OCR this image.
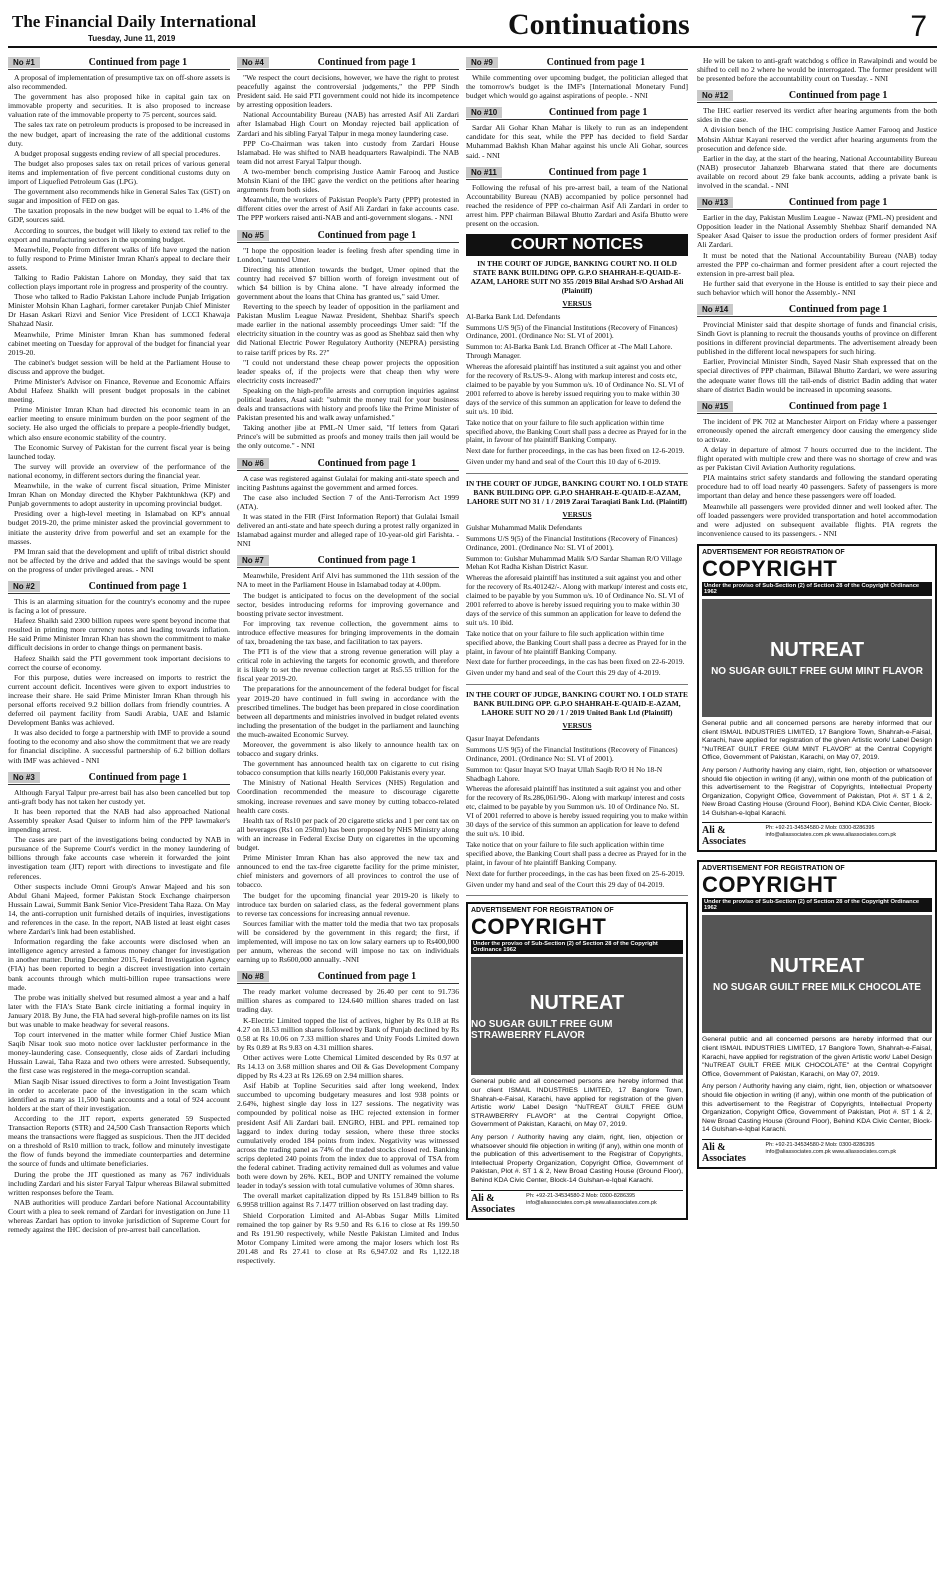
The Financial Daily International
Tuesday, June 11, 2019	Continuations	7
No #1	Continued from page 1

A proposal of implementation of presumptive tax on off-shore assets is also recommended.

The government has also proposed hike in capital gain tax on immovable property and securities. It is also proposed to increase valuation rate of the immovable property to 75 percent, sources said.

The sales tax rate on petroleum products is proposed to be increased in the new budget, apart of increasing the rate of the additional customs duty.

A budget proposal suggests ending review of all special procedures.

The budget also proposes sales tax on retail prices of various general items and implementation of five percent conditional customs duty on import of Liquefied Petroleum Gas (LPG).

The government also recommends hike in General Sales Tax (GST) on sugar and imposition of FED on gas.

The taxation proposals in the new budget will be equal to 1.4% of the GDP, sources said.

According to sources, the budget will likely to extend tax relief to the export and manufacturing sectors in the upcoming budget.

Meanwhile, People from different walks of life have urged the nation to fully respond to Prime Minister Imran Khan's appeal to declare their assets.

Talking to Radio Pakistan Lahore on Monday, they said that tax collection plays important role in progress and prosperity of the country.

Those who talked to Radio Pakistan Lahore include Punjab Irrigation Minister Mohsin Khan Laghari, former caretaker Punjab Chief Minister Dr Hasan Askari Rizvi and Senior Vice President of LCCI Khawaja Shahzad Nasir.

Meanwhile, Prime Minister Imran Khan has summoned federal cabinet meeting on Tuesday for approval of the budget for financial year 2019-20.

The cabinet's budget session will be held at the Parliament House to discuss and approve the budget.

Prime Minister's Advisor on Finance, Revenue and Economic Affairs Abdul Hafeez Shaikh will present budget proposals in the cabinet meeting.

Prime Minister Imran Khan had directed his economic team in an earlier meeting to ensure minimum burden on the poor segment of the society. He also urged the officials to prepare a people-friendly budget, which also ensure economic stability of the country.

The Economic Survey of Pakistan for the current fiscal year is being launched today.

The survey will provide an overview of the performance of the national economy, in different sectors during the financial year.

Meanwhile, in the wake of current fiscal situation, Prime Minister Imran Khan on Monday directed the Khyber Pakhtunkhwa (KP) and Punjab governments to adopt austerity in upcoming provincial budget.

Presiding over a high-level meeting in Islamabad on KP's annual budget 2019-20, the prime minister asked the provincial government to initiate the austerity drive from powerful and set an example for the masses.

PM Imran said that the development and uplift of tribal district should not be affected by the drive and added that the savings would be spent on the progress of under privileged areas. - NNI

No #2	Continued from page 1

This is an alarming situation for the country's economy and the rupee is facing a lot of pressure.

Hafeez Shaikh said 2300 billion rupees were spent beyond income that resulted in printing more currency notes and leading towards inflation. He said Prime Minister Imran Khan has shown the commitment to make difficult decisions in order to change things on permanent basis.

Hafeez Shaikh said the PTI government took important decisions to correct the course of economy.

For this purpose, duties were increased on imports to restrict the current account deficit. Incentives were given to export industries to increase their share. He said Prime Minister Imran Khan through his personal efforts received 9.2 billion dollars from friendly countries. A deferred oil payment facility from Saudi Arabia, UAE and Islamic Development Banks was achieved.

It was also decided to forge a partnership with IMF to provide a sound footing to the economy and also show the commitment that we are ready for financial discipline. A successful partnership of 6.2 billion dollars with IMF was achieved - NNI

No #3	Continued from page 1

Although Faryal Talpur pre-arrest bail has also been cancelled but top anti-graft body has not taken her custody yet.

It has been reported that the NAB had also approached National Assembly speaker Asad Quiser to inform him of the PPP lawmaker's impending arrest.

The cases are part of the investigations being conducted by NAB in pursuance of the Supreme Court's verdict in the money laundering of billions through fake accounts case wherein it forwarded the joint investigation team (JIT) report with directions to investigate and file references.

Other suspects include Omni Group's Anwar Majeed and his son Abdul Ghani Majeed, former Pakistan Stock Exchange chairperson Hussain Lawai, Summit Bank Senior Vice-President Taha Raza. On May 14, the anti-corruption unit furnished details of inquiries, investigations and references in the case. In the report, NAB listed at least eight cases where Zardari's link had been established.

Information regarding the fake accounts were disclosed when an intelligence agency arrested a famous money changer for investigation in another matter. During December 2015, Federal Investigation Agency (FIA) has been reported to begin a discreet investigation into certain bank accounts through which multi-billion rupee transactions were made.

The probe was initially shelved but resumed almost a year and a half later with the FIA's State Bank circle initiating a formal inquiry in January 2018. By June, the FIA had several high-profile names on its list but was unable to make headway for several reasons.

Top court intervened in the matter while former Chief Justice Mian Saqib Nisar took suo moto notice over lackluster performance in the money-laundering case. Consequently, close aids of Zardari including Hussain Lawai, Taha Raza and two others were arrested. Subsequently, the first case was registered in the mega-corruption scandal.

Mian Saqib Nisar issued directives to form a Joint Investigation Team in order to accelerate pace of the investigation in the scam which identified as many as 11,500 bank accounts and a total of 924 account holders at the start of their investigation.

According to the JIT report, experts generated 59 Suspected Transaction Reports (STR) and 24,500 Cash Transaction Reports which means the transactions were flagged as suspicious. Then the JIT decided on a threshold of Rs10 million to track, follow and minutely investigate the flow of funds beyond the immediate counterparties and determine the source of funds and ultimate beneficiaries.

During the probe the JIT questioned as many as 767 individuals including Zardari and his sister Faryal Talpur whereas Bilawal submitted written responses before the Team.

NAB authorities will produce Zardari before National Accountability Court with a plea to seek remand of Zardari for investigation on June 11 whereas Zardari has option to invoke jurisdiction of Supreme Court for remedy against the IHC decision of pre-arrest bail cancellation.

No #4	Continued from page 1

"We respect the court decisions, however, we have the right to protest peacefully against the controversial judgements," the PPP Sindh President said. He said PTI government could not hide its incompetence by arresting opposition leaders.

National Accountability Bureau (NAB) has arrested Asif Ali Zardari after Islamabad High Court on Monday rejected bail application of Zardari and his sibling Faryal Talpur in mega money laundering case.

PPP Co-Chairman was taken into custody from Zardari House Islamabad. He was shifted to NAB headquarters Rawalpindi. The NAB team did not arrest Faryal Talpur though.

A two-member bench comprising Justice Aamir Farooq and Justice Mohsin Kiani of the IHC gave the verdict on the petitions after hearing arguments from both sides.

Meanwhile, the workers of Pakistan People's Party (PPP) protested in different cities over the arrest of Asif Ali Zardari in fake accounts case. The PPP workers raised anti-NAB and anti-government slogans. - NNI

No #5	Continued from page 1

"I hope the opposition leader is feeling fresh after spending time in London," taunted Umer.

Directing his attention towards the budget, Umer opined that the country had received $7 billion worth of foreign investment out of which $4 billion is by China alone. "I have already informed the government about the loans that China has granted us," said Umer.

Reverting to the speech by leader of opposition in the parliament and Pakistan Muslim League Nawaz President, Shehbaz Sharif's speech made earlier in the national assembly proceedings Umer said: "If the electricity situation in the country was as good as Shehbaz said then why did National Electric Power Regulatory Authority (NEPRA) persisting to raise tariff prices by Rs. 2?"

"I could not understand these cheap power projects the opposition leader speaks of, if the projects were that cheap then why were electricity costs increased?"

Speaking on the high-profile arrests and corruption inquiries against political leaders, Asad said: "submit the money trail for your business deals and transactions with history and proofs like the Prime Minister of Pakistan presented his and walk away unfarnished."

Taking another jibe at PML-N Umer said, "If letters from Qatari Prince's will be submitted as proofs and money trails then jail would be the only outcome." - NNI

No #6	Continued from page 1

A case was registered against Gulalai for making anti-state speech and inciting Pashtuns against the government and armed forces.

The case also included Section 7 of the Anti-Terrorism Act 1999 (ATA).

It was stated in the FIR (First Information Report) that Gulalai Ismail delivered an anti-state and hate speech during a protest rally organized in Islamabad against murder and alleged rape of 10-year-old girl Farishta. - NNI

No #7	Continued from page 1

Meanwhile, President Arif Alvi has summoned the 11th session of the NA to meet in the Parliament House in Islamabad today at 4.00pm.

The budget is anticipated to focus on the development of the social sector, besides introducing reforms for improving governance and boosting private sector investment.

For improving tax revenue collection, the government aims to introduce effective measures for bringing improvements in the domain of tax, broadening the tax base, and facilitation to tax payers.

The PTI is of the view that a strong revenue generation will play a critical role in achieving the targets for economic growth, and therefore it is likely to set the revenue collection target at Rs5.55 trillion for the fiscal year 2019-20.

The preparations for the announcement of the federal budget for fiscal year 2019-20 have continued in full swing in accordance with the prescribed timelines. The budget has been prepared in close coordination between all departments and ministries involved in budget related events including the presentation of the budget in the parliament and launching the much-awaited Economic Survey.

Moreover, the government is also likely to announce health tax on tobacco and sugary drinks.

The government has announced health tax on cigarette to cut rising tobacco consumption that kills nearly 160,000 Pakistanis every year.

The Ministry of National Health Services (NHS) Regulation and Coordination recommended the measure to discourage cigarette smoking, increase revenues and save money by cutting tobacco-related health care costs.

Health tax of Rs10 per pack of 20 cigarette sticks and 1 per cent tax on all beverages (Rs1 on 250ml) has been proposed by NHS Ministry along with an increase in Federal Excise Duty on cigarettes in the upcoming budget.

Prime Minister Imran Khan has also approved the new tax and announced to end the tax-free cigarette facility for the prime minister, chief ministers and governors of all provinces to control the use of tobacco.

The budget for the upcoming financial year 2019-20 is likely to introduce tax burden on salaried class, as the federal government plans to reverse tax concessions for increasing annual revenue.

Sources familiar with the matter told the media that two tax proposals will be considered by the government in this regard; the first, if implemented, will impose no tax on low salary earners up to Rs400,000 per annum, whereas the second will impose no tax on individuals earning up to Rs600,000 annually. -NNI

No #8	Continued from page 1

The ready market volume decreased by 26.40 per cent to 91.736 million shares as compared to 124.640 million shares traded on last trading day.

K-Electric Limited topped the list of actives, higher by Rs 0.18 at Rs 4.27 on 18.53 million shares followed by Bank of Punjab declined by Rs 0.58 at Rs 10.06 on 7.33 million shares and Unity Foods Limited down by Rs 0.89 at Rs 9.83 on 4.31 million shares.

Other actives were Lotte Chemical Limited descended by Rs 0.97 at Rs 14.13 on 3.68 million shares and Oil & Gas Development Company dipped by Rs 4.23 at Rs 126.69 on 2.94 million shares.

Asif Habib at Topline Securities said after long weekend, Index succumbed to upcoming budgetary measures and lost 938 points or 2.64%, highest single day loss in 127 sessions. The negativity was compounded by political noise as IHC rejected extension in former president Asif Ali Zardari bail. ENGRO, HBL and PPL remained top laggard to index during today session, where these three stocks cumulatively eroded 184 points from index. Negativity was witnessed across the trading panel as 74% of the traded stocks closed red. Banking scrips depleted 240 points from the index due to approval of TSA from the federal cabinet. Trading activity remained dull as volumes and value both were down by 26%. KEL, BOP and UNITY remained the volume leader in today's session with total cumulative volumes of 30mn shares.

The overall market capitalization dipped by Rs 151.849 billion to Rs 6.9958 trillion against Rs 7.1477 trillion observed on last trading day.

Shield Corporation Limited and Al-Abbas Sugar Mills Limited remained the top gainer by Rs 9.50 and Rs 6.16 to close at Rs 199.50 and Rs 191.90 respectively, while Nestle Pakistan Limited and Indus Motor Company Limited were among the major losers which lost Rs 201.48 and Rs 27.41 to close at Rs 6,947.02 and Rs 1,122.18 respectively.

No #9	Continued from page 1

While commenting over upcoming budget, the politician alleged that the tomorrow's budget is the IMF's [International Monetary Fund] budget which would go against aspirations of people. - NNI

No #10	Continued from page 1

Sardar Ali Gohar Khan Mahar is likely to run as an independent candidate for this seat, while the PPP has decided to field Sardar Muhammad Bakhsh Khan Mahar against his uncle Ali Gohar, sources said. - NNI

No #11	Continued from page 1

Following the refusal of his pre-arrest bail, a team of the National Accountability Bureau (NAB) accompanied by police personnel had reached the residence of PPP co-chairman Asif Ali Zardari in order to arrest him. PPP chairman Bilawal Bhutto Zardari and Asifa Bhutto were present on the occasion.

COURT NOTICES
IN THE COURT OF JUDGE, BANKING COURT NO. II OLD STATE BANK BUILDING OPP. G.P.O SHAHRAH-E-QUAID-E-AZAM, LAHORE SUIT NO 355 /2019 Bilal Arshad S/O Arshad Ali (Plaintiff)
VERSUS

Al-Barka Bank Ltd. Defendants

Summons U/S 9(5) of the Financial Institutions (Recovery of Finances) Ordinance, 2001. (Ordinance No: SL VI of 2001).

Summon to: Al-Barka Bank Ltd. Branch Officer at -The Mall Lahore. Through Manager.

Whereas the aforesaid plaintiff has instituted a suit against you and other for the recovery of Rs.US-9-. Along with markup interest and costs etc, claimed to be payable by you Summon u/s. 10 of Ordinance No. SL VI of 2001 referred to above is hereby issued requiring you to make within 30 days of the service of this summon an application for leave to defend the suit u/s. 10 ibid.

Take notice that on your failure to file such application within time specified above, the Banking Court shall pass a decree as Prayed for in the plaint, in favour of hte plaintiff Banking Company.

Next date for further proceedings, in the cas has been fixed on 12-6-2019.

Given under my hand and seal of the Court this 10 day of 6-2019.

IN THE COURT OF JUDGE, BANKING COURT NO. I OLD STATE BANK BUILDING OPP. G.P.O SHAHRAH-E-QUAID-E-AZAM, LAHORE SUIT NO 31 / 1 / 2019 Zarai Taraqiati Bank Ltd. (Plaintiff)
VERSUS

Gulshar Muhammad Malik Defendants

Summons U/S 9(5) of the Financial Institutions (Recovery of Finances) Ordinance, 2001. (Ordinance No: SL VI of 2001).

Summon to: Gulshar Muhammad Malik S/O Sardar Shaman R/O Village Mehan Kot Radha Kishan District Kasur.

Whereas the aforesaid plaintiff has instituted a suit against you and other for the recovery of Rs.401242/-. Along with markup/ interest and costs etc, claimed to be payable by you Summon u/s. 10 of Ordinance No. SL VI of 2001 referred to above is hereby issued requiring you to make within 30 days of the service of this summon an application for leave to defend the suit u/s. 10 ibid.

Take notice that on your failure to file such application within time specified above, the Banking Court shall pass a decree as Prayed for in the plaint, in favour of hte plaintiff Banking Company.

Next date for further proceedings, in the cas has been fixed on 22-6-2019.

Given under my hand and seal of the Court this 29 day of 4-2019.

IN THE COURT OF JUDGE, BANKING COURT NO. I OLD STATE BANK BUILDING OPP. G.P.O SHAHRAH-E-QUAID-E-AZAM, LAHORE SUIT NO 20 / 1 / 2019 United Bank Ltd (Plaintiff)
VERSUS

Qasur Inayat Defendants

Summons U/S 9(5) of the Financial Institutions (Recovery of Finances) Ordinance, 2001. (Ordinance No: SL VI of 2001).

Summon to: Qasur Inayat S/O Inayat Ullah Saqib R/O H No 18-N Shadbagh Lahore.

Whereas the aforesaid plaintiff has instituted a suit against you and other for the recovery of Rs.286,061/90-. Along with markup/ interest and costs etc, claimed to be payable by you Summon u/s. 10 of Ordinance No. SL VI of 2001 referred to above is hereby issued requiring you to make within 30 days of the service of this summon an application for leave to defend the suit u/s. 10 ibid.

Take notice that on your failure to file such application within time specified above, the Banking Court shall pass a decree as Prayed for in the plaint, in favour of hte plaintiff Banking Company.

Next date for further proceedings, in the cas has been fixed on 25-6-2019.

Given under my hand and seal of the Court this 29 day of 04-2019.

ADVERTISEMENT FOR REGISTRATION OF
COPYRIGHT
Under the proviso of Sub-Section (2) of Section 28 of the Copyright Ordinance 1962
NUTREAT
NO SUGAR GUILT FREE GUM STRAWBERRY FLAVOR

General public and all concerned persons are hereby informed that our client ISMAIL INDUSTRIES LIMITED, 17 Banglore Town, Shahrah-e-Faisal, Karachi, have applied for registration of the given Artistic work/ Label Design "NuTREAT GUILT FREE GUM STRAWBERRY FLAVOR" at the Central Copyright Office, Government of Pakistan, Karachi, on May 07, 2019.

Any person / Authority having any claim, right, lien, objection or whatsoever should file objection in writing (if any), within one month of the publication of this advertisement to the Registrar of Copyrights, Intellectual Property Organization, Copyright Office, Government of Pakistan, Plot #. ST 1 & 2, New Broad Casting House (Ground Floor), Behind KDA Civic Center, Block-14 Gulshan-e-Iqbal Karachi.

Ali & Associates
Ph: +92-21-34534580-2 Mob: 0300-8286395 info@aliassociates.com.pk www.aliassociates.com.pk

He will be taken to anti-graft watchdog s office in Rawalpindi and would be shifted to cell no 2 where he would be interrogated. The former president will be presented before the accountability court on Tuesday. - NNI

No #12	Continued from page 1

The IHC earlier reserved its verdict after hearing arguments from the both sides in the case.

A division bench of the IHC comprising Justice Aamer Farooq and Justice Mohsin Akhtar Kayani reserved the verdict after hearing arguments from the prosecution and defence side.

Earlier in the day, at the start of the hearing, National Accountability Bureau (NAB) prosecutor Jahanzeb Bharwana stated that there are documents available on record about 29 fake bank accounts, adding a private bank is involved in the scandal. - NNI

No #13	Continued from page 1

Earlier in the day, Pakistan Muslim League - Nawaz (PML-N) president and Opposition leader in the National Assembly Shehbaz Sharif demanded NA Speaker Asad Qaiser to issue the production orders of former president Asif Ali Zardari.

It must be noted that the National Accountability Bureau (NAB) today arrested the PPP co-chairman and former president after a court rejected the extension in pre-arrest bail plea.

He further said that everyone in the House is entitled to say their piece and such behavior which will honor the Assembly.- NNI

No #14	Continued from page 1

Provincial Minister said that despite shortage of funds and financial crisis, Sindh Govt is planning to recruit the thousands youths of province on different positions in different provincial departments. The advertisement already been published in the different local newspapers for such hiring.

Earlier, Provincial Minister Sindh, Sayed Nasir Shah expressed that on the special directives of PPP chairman, Bilawal Bhutto Zardari, we were assuring the adequate water flows till the tail-ends of district Badin adding that water share of district Badin would be increased in upcoming seasons.

No #15	Continued from page 1

The incident of PK 702 at Manchester Airport on Friday where a passenger erroneously opened the aircraft emergency door causing the emergency slide to activate.

A delay in departure of almost 7 hours occurred due to the incident. The flight operated with multiple crew and there was no shortage of crew and was as per Pakistan Civil Aviation Authority regulations.

PIA maintains strict safety standards and following the standard operating procedure had to off load nearly 40 passengers. Safety of passengers is more important than delay and hence these passengers were off loaded.

Meanwhile all passengers were provided dinner and well looked after. The off loaded passengers were provided transportation and hotel accommodation and were adjusted on subsequent available flights. PIA regrets the inconvenience caused to its passengers. - NNI

ADVERTISEMENT FOR REGISTRATION OF
COPYRIGHT
Under the proviso of Sub-Section (2) of Section 28 of the Copyright Ordinance 1962
NUTREAT
NO SUGAR GUILT FREE GUM MINT FLAVOR

General public and all concerned persons are hereby informed that our client ISMAIL INDUSTRIES LIMITED, 17 Banglore Town, Shahrah-e-Faisal, Karachi, have applied for registration of the given Artistic work/ Label Design "NuTREAT GUILT FREE GUM MINT FLAVOR" at the Central Copyright Office, Government of Pakistan, Karachi, on May 07, 2019.

Any person / Authority having any claim, right, lien, objection or whatsoever should file objection in writing (if any), within one month of the publication of this advertisement to the Registrar of Copyrights, Intellectual Property Organization, Copyright Office, Government of Pakistan, Plot #. ST 1 & 2, New Broad Casting House (Ground Floor), Behind KDA Civic Center, Block-14 Gulshan-e-Iqbal Karachi.

Ali & Associates
Ph: +92-21-34534580-2 Mob: 0300-8286395 info@aliassociates.com.pk www.aliassociates.com.pk
ADVERTISEMENT FOR REGISTRATION OF
COPYRIGHT
Under the proviso of Sub-Section (2) of Section 28 of the Copyright Ordinance 1962
NUTREAT
NO SUGAR GUILT FREE MILK CHOCOLATE

General public and all concerned persons are hereby informed that our client ISMAIL INDUSTRIES LIMITED, 17 Banglore Town, Shahrah-e-Faisal, Karachi, have applied for registration of the given Artistic work/ Label Design "NuTREAT GUILT FREE MILK CHOCOLATE" at the Central Copyright Office, Government of Pakistan, Karachi, on May 07, 2019.

Any person / Authority having any claim, right, lien, objection or whatsoever should file objection in writing (if any), within one month of the publication of this advertisement to the Registrar of Copyrights, Intellectual Property Organization, Copyright Office, Government of Pakistan, Plot #. ST 1 & 2, New Broad Casting House (Ground Floor), Behind KDA Civic Center, Block-14 Gulshan-e-Iqbal Karachi.

Ali & Associates
Ph: +92-21-34534580-2 Mob: 0300-8286395 info@aliassociates.com.pk www.aliassociates.com.pk
